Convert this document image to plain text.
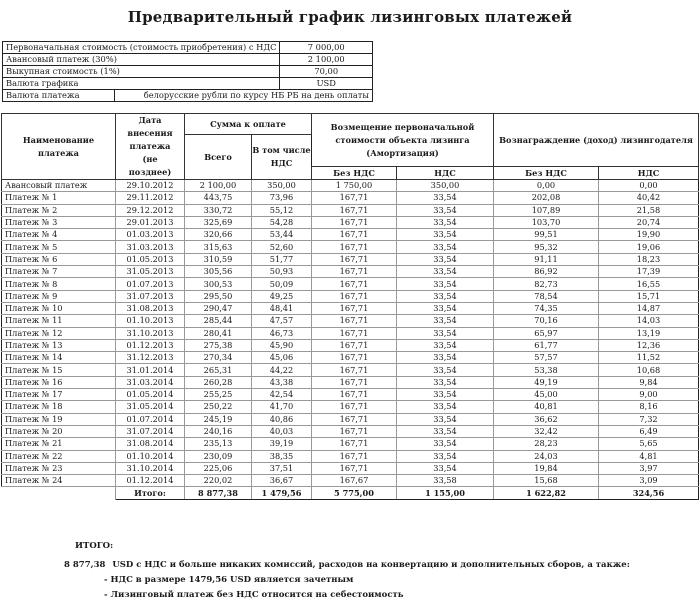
Предварительный график лизинговых платежей
Первоначальная стоимость (стоимость приобретения) с НДС		7 000,00
Авансовый платеж (30%)		2 100,00
Выкупная стоимость (1%)		70,00
Валюта графика		USD
Валюта платежа	белорусские рубли по курсу НБ РБ на день оплаты	
Наименование платежа	Дата внесения платежа (не позднее)	Сумма к оплате		Возмещение первоначальной стоимости объекта лизинга (Амортизация)		Вознаграждение (доход) лизингодателя	
		Всего	В том числе НДС				
				Без НДС	НДС	Без НДС	НДС
Авансовый платеж	29.10.2012	2 100,00	350,00	1 750,00	350,00	0,00	0,00
Платеж № 1	29.11.2012	443,75	73,96	167,71	33,54	202,08	40,42
Платеж № 2	29.12.2012	330,72	55,12	167,71	33,54	107,89	21,58
Платеж № 3	29.01.2013	325,69	54,28	167,71	33,54	103,70	20,74
Платеж № 4	01.03.2013	320,66	53,44	167,71	33,54	99,51	19,90
Платеж № 5	31.03.2013	315,63	52,60	167,71	33,54	95,32	19,06
Платеж № 6	01.05.2013	310,59	51,77	167,71	33,54	91,11	18,23
Платеж № 7	31.05.2013	305,56	50,93	167,71	33,54	86,92	17,39
Платеж № 8	01.07.2013	300,53	50,09	167,71	33,54	82,73	16,55
Платеж № 9	31.07.2013	295,50	49,25	167,71	33,54	78,54	15,71
Платеж № 10	31.08.2013	290,47	48,41	167,71	33,54	74,35	14,87
Платеж № 11	01.10.2013	285,44	47,57	167,71	33,54	70,16	14,03
Платеж № 12	31.10.2013	280,41	46,73	167,71	33,54	65,97	13,19
Платеж № 13	01.12.2013	275,38	45,90	167,71	33,54	61,77	12,36
Платеж № 14	31.12.2013	270,34	45,06	167,71	33,54	57,57	11,52
Платеж № 15	31.01.2014	265,31	44,22	167,71	33,54	53,38	10,68
Платеж № 16	31.03.2014	260,28	43,38	167,71	33,54	49,19	9,84
Платеж № 17	01.05.2014	255,25	42,54	167,71	33,54	45,00	9,00
Платеж № 18	31.05.2014	250,22	41,70	167,71	33,54	40,81	8,16
Платеж № 19	01.07.2014	245,19	40,86	167,71	33,54	36,62	7,32
Платеж № 20	31.07.2014	240,16	40,03	167,71	33,54	32,42	6,49
Платеж № 21	31.08.2014	235,13	39,19	167,71	33,54	28,23	5,65
Платеж № 22	01.10.2014	230,09	38,35	167,71	33,54	24,03	4,81
Платеж № 23	31.10.2014	225,06	37,51	167,71	33,54	19,84	3,97
Платеж № 24	01.12.2014	220,02	36,67	167,67	33,58	15,68	3,09
	Итого:	8 877,38	1 479,56	5 775,00	1 155,00	1 622,82	324,56
ИТОГО:
8 877,38 USD с НДС и больше никаких комиссий, расходов на конвертацию и дополнительных сборов, а также:
- НДС в размере 1479,56 USD является зачетным
- Лизинговый платеж без НДС относится на себестоимость
